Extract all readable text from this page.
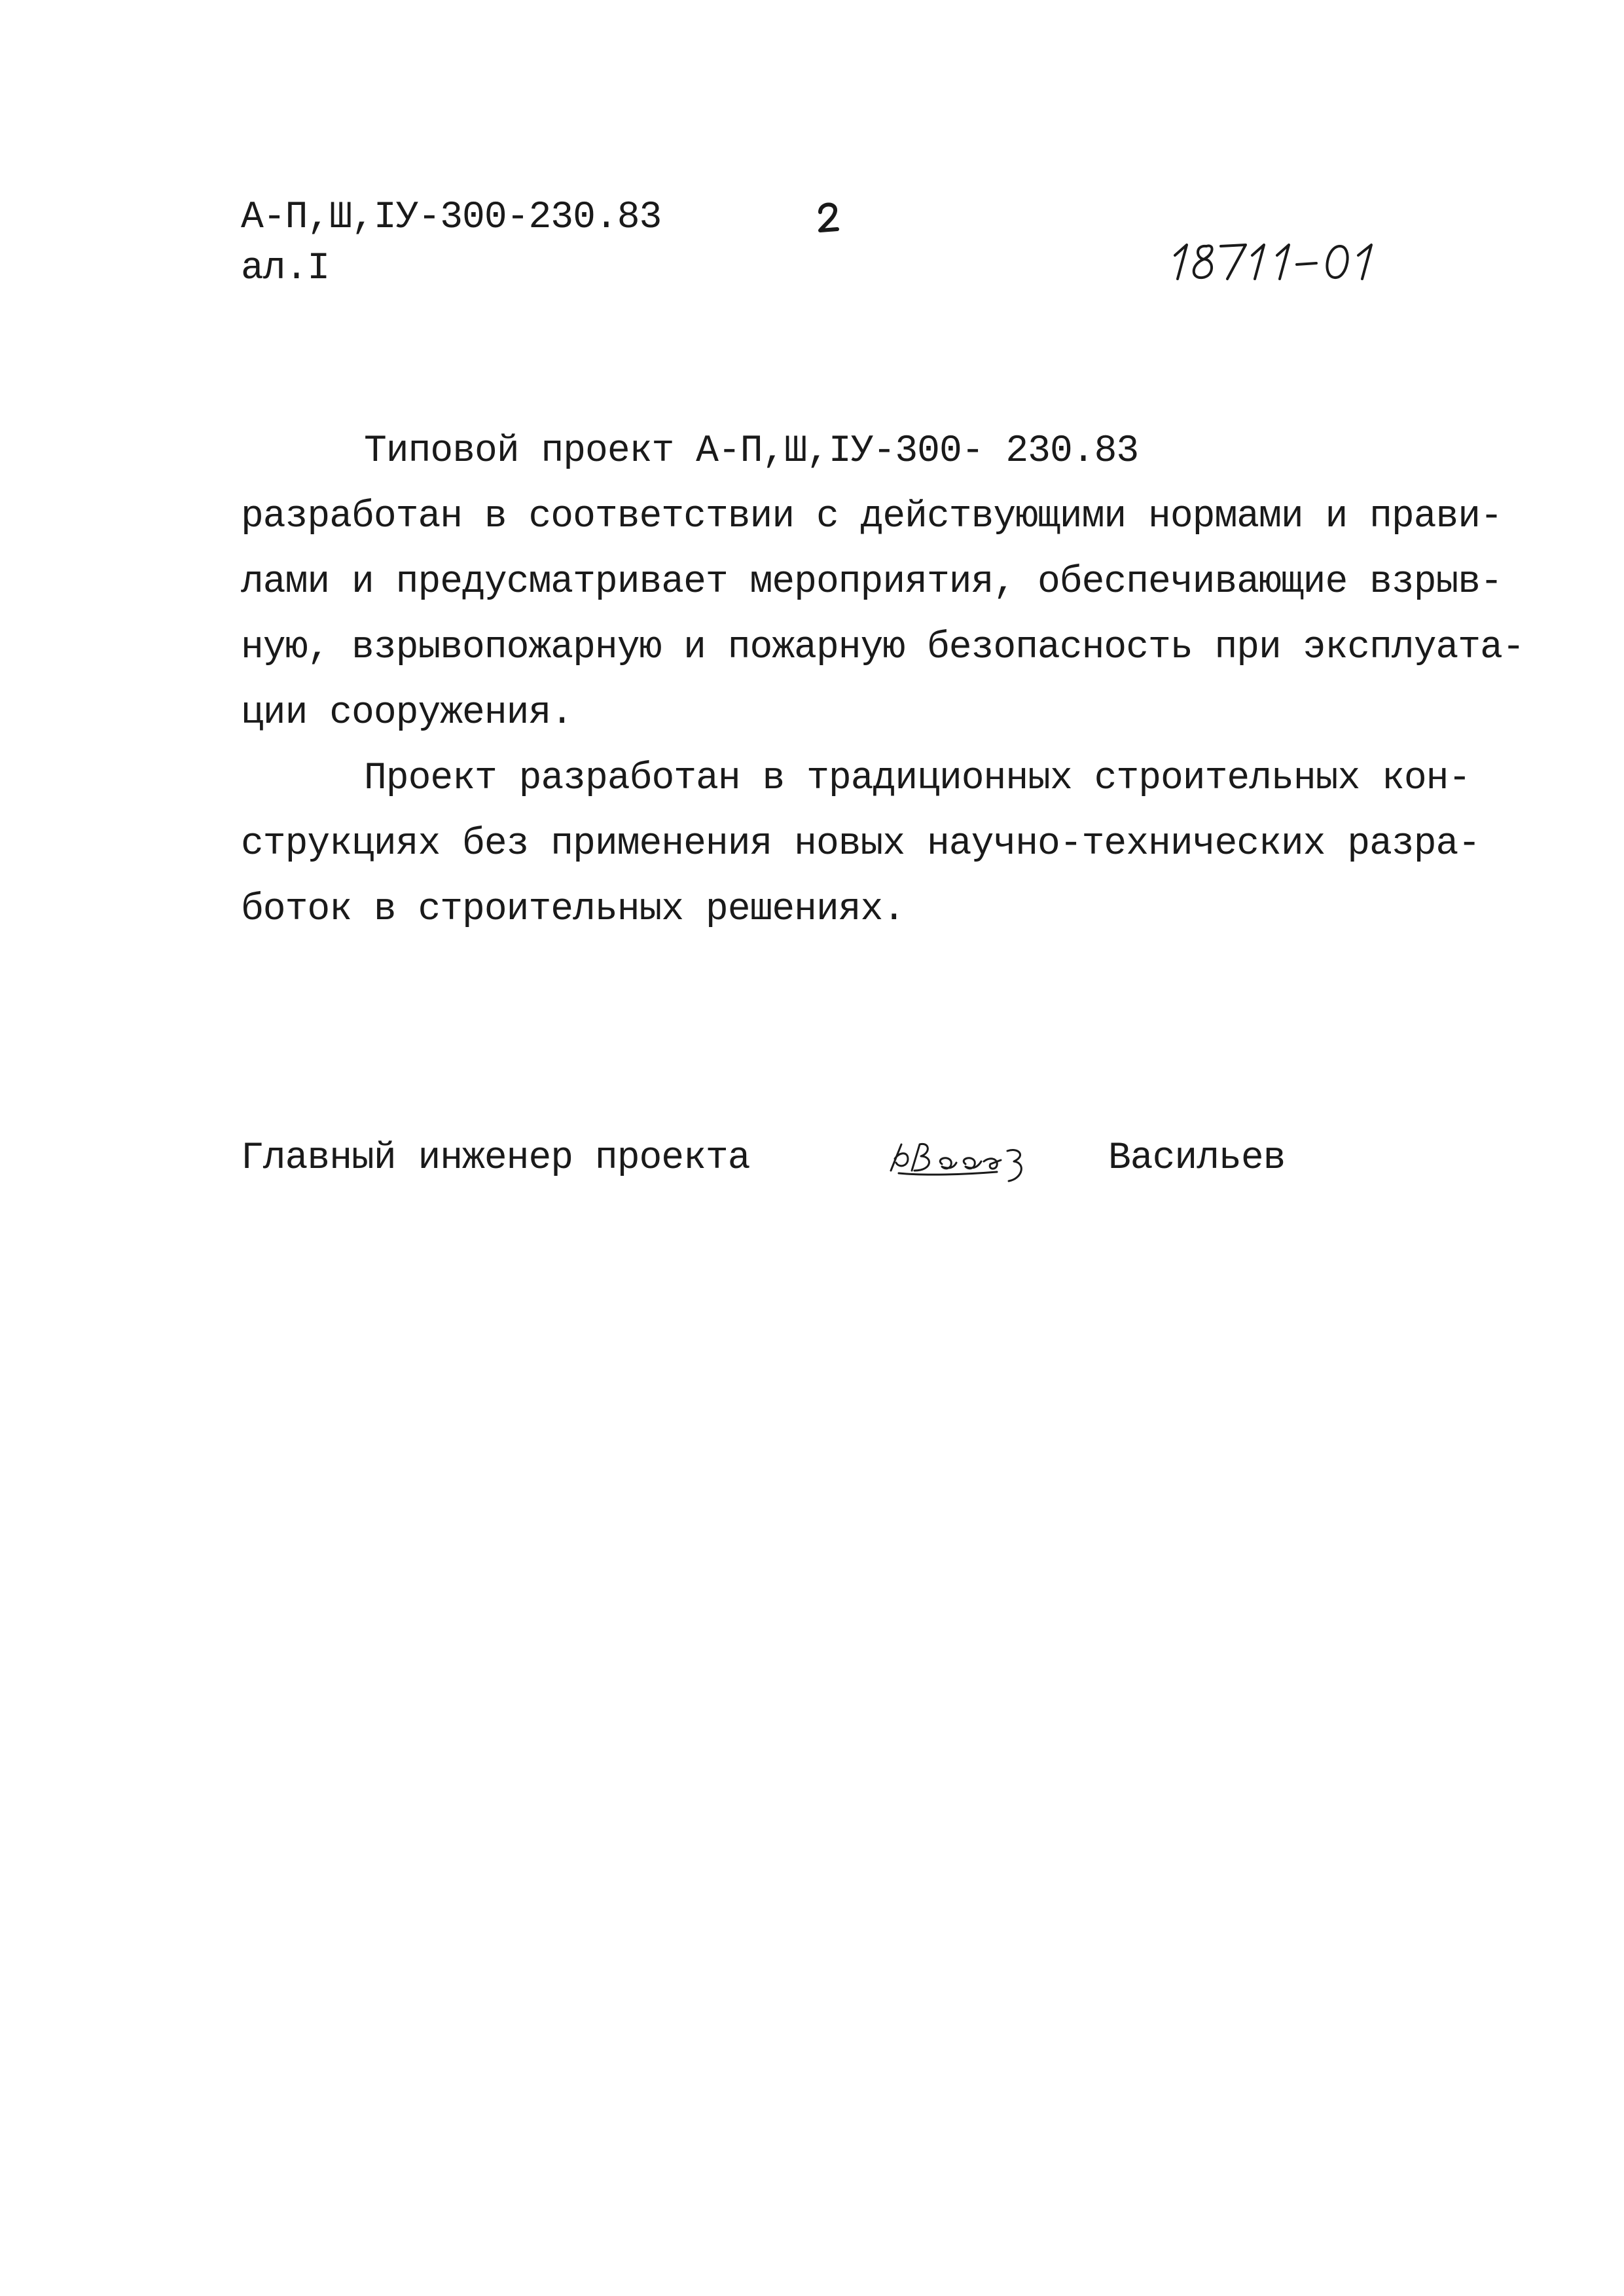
А-П,Ш,IУ-300-230.83
ал.I
Типовой проект А-П,Ш,IУ-300- 230.83
разработан в соответствии с действующими нормами и прави-
лами и предусматривает мероприятия, обеспечивающие взрыв-
ную, взрывопожарную и пожарную безопасность при эксплуата-
ции сооружения.
Проект разработан в традиционных строительных кон-
струкциях без применения новых научно-технических разра-
боток в строительных решениях.
Главный инженер проекта	Васильев
